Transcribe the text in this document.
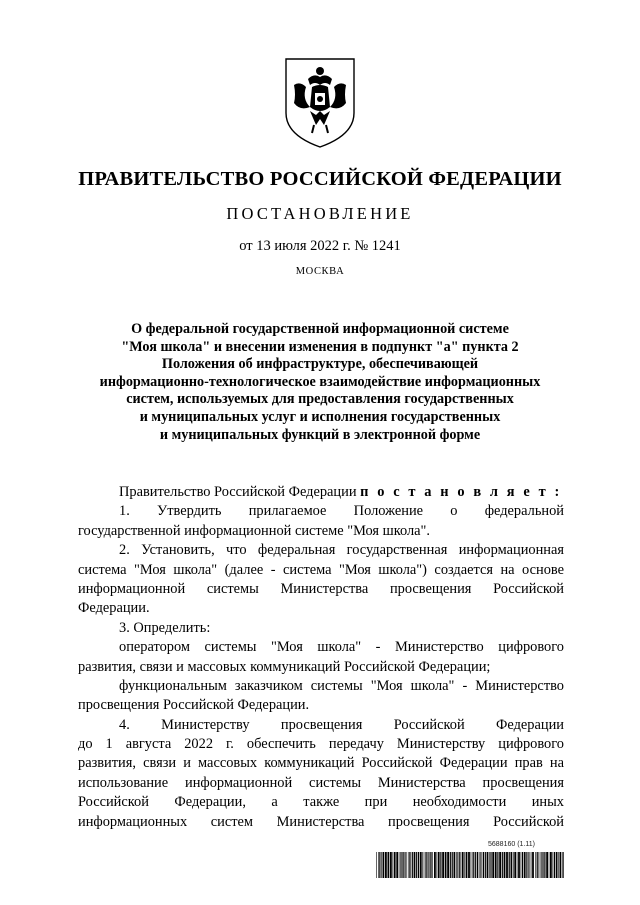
ПРАВИТЕЛЬСТВО РОССИЙСКОЙ ФЕДЕРАЦИИ
ПОСТАНОВЛЕНИЕ
от 13 июля 2022 г. № 1241
МОСКВА
О федеральной государственной информационной системе
"Моя школа" и внесении изменения в подпункт "а" пункта 2
Положения об инфраструктуре, обеспечивающей
информационно-технологическое взаимодействие информационных
систем, используемых для предоставления государственных
и муниципальных услуг и исполнения государственных
и муниципальных функций в электронной форме
Правительство Российской Федерации п о с т а н о в л я е т :
1. Утвердить прилагаемое Положение о федеральной
государственной информационной системе "Моя школа".
2. Установить, что федеральная государственная информационная
система "Моя школа" (далее - система "Моя школа") создается на основе
информационной системы Министерства просвещения Российской
Федерации.
3. Определить:
оператором системы "Моя школа" - Министерство цифрового
развития, связи и массовых коммуникаций Российской Федерации;
функциональным заказчиком системы "Моя школа" - Министерство
просвещения Российской Федерации.
4. Министерству просвещения Российской Федерации
до 1 августа 2022 г. обеспечить передачу Министерству цифрового
развития, связи и массовых коммуникаций Российской Федерации прав на
использование информационной системы Министерства просвещения
Российской Федерации, а также при необходимости иных
информационных систем Министерства просвещения Российской
5688160 (1.11)
